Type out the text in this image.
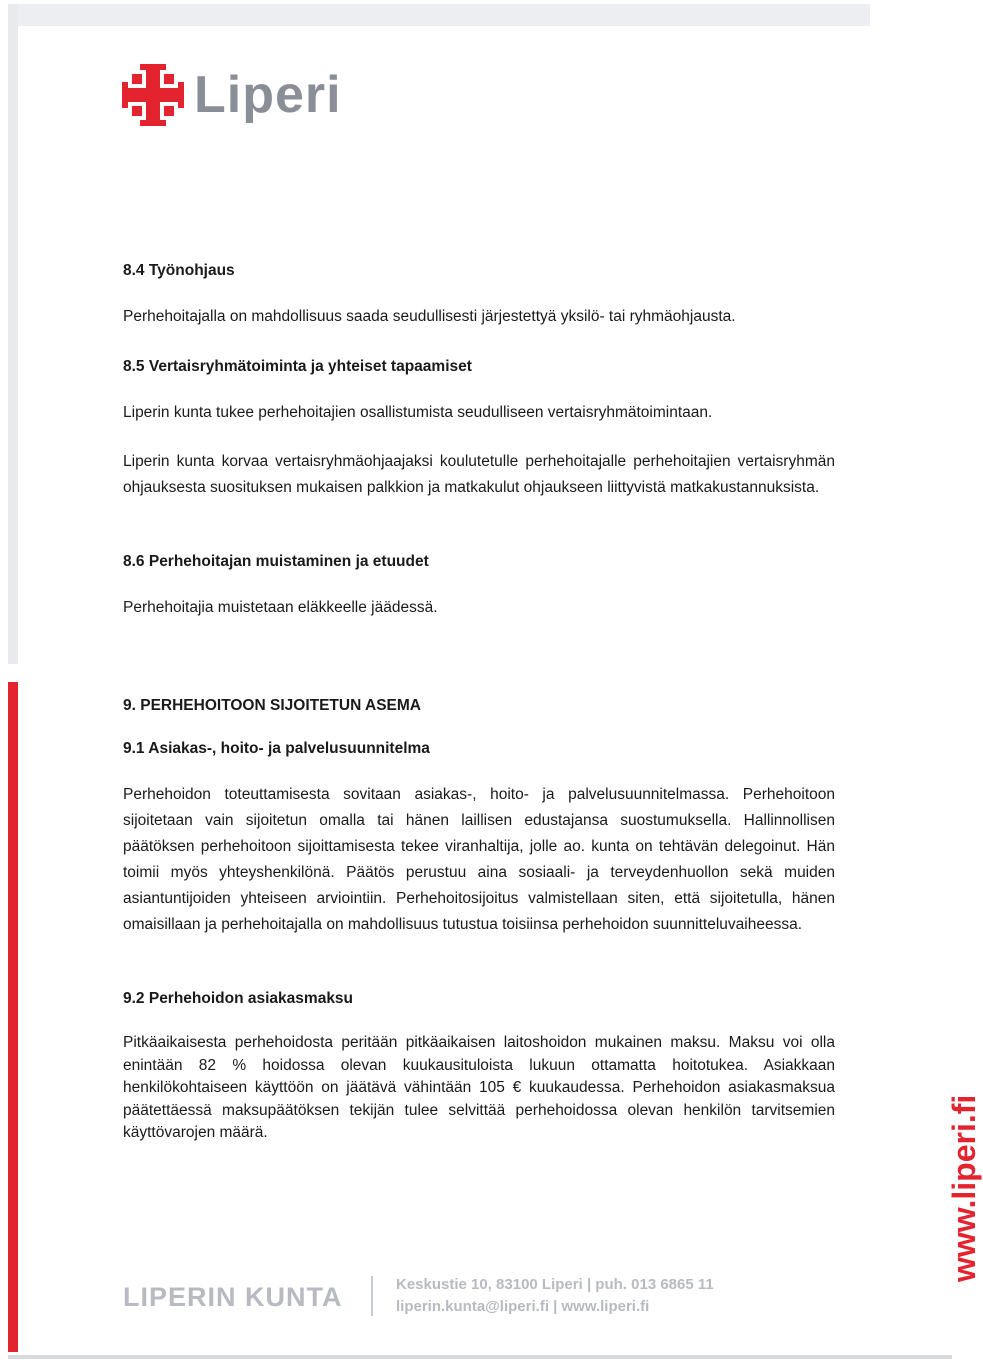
Liperi
8.4 Työnohjaus
Perhehoitajalla on mahdollisuus saada seudullisesti järjestettyä yksilö- tai ryhmäohjausta.
8.5 Vertaisryhmätoiminta ja yhteiset tapaamiset
Liperin kunta tukee perhehoitajien osallistumista seudulliseen vertaisryhmätoimintaan.
Liperin kunta korvaa vertaisryhmäohjaajaksi koulutetulle perhehoitajalle perhehoitajien vertaisryhmän ohjauksesta suosituksen mukaisen palkkion ja matkakulut ohjaukseen liittyvistä matkakustannuksista.
8.6 Perhehoitajan muistaminen ja etuudet
Perhehoitajia muistetaan eläkkeelle jäädessä.
9. PERHEHOITOON SIJOITETUN ASEMA
9.1 Asiakas-, hoito- ja palvelusuunnitelma
Perhehoidon toteuttamisesta sovitaan asiakas-, hoito- ja palvelusuunnitelmassa. Perhehoitoon sijoitetaan vain sijoitetun omalla tai hänen laillisen edustajansa suostumuksella. Hallinnollisen päätöksen perhehoitoon sijoittamisesta tekee viranhaltija, jolle ao. kunta on tehtävän delegoinut. Hän toimii myös yhteyshenkilönä. Päätös perustuu aina sosiaali- ja terveydenhuollon sekä muiden asiantuntijoiden yhteiseen arviointiin. Perhehoitosijoitus valmistellaan siten, että sijoitetulla, hänen omaisillaan ja perhehoitajalla on mahdollisuus tutustua toisiinsa perhehoidon suunnitteluvaiheessa.
9.2 Perhehoidon asiakasmaksu
Pitkäaikaisesta perhehoidosta peritään pitkäaikaisen laitoshoidon mukainen maksu. Maksu voi olla enintään 82 % hoidossa olevan kuukausituloista lukuun ottamatta hoitotukea. Asiakkaan henkilökohtaiseen käyttöön on jäätävä vähintään 105 € kuukaudessa. Perhehoidon asiakasmaksua päätettäessä maksupäätöksen tekijän tulee selvittää perhehoidossa olevan henkilön tarvitsemien käyttövarojen määrä.
LIPERIN KUNTA	Keskustie 10, 83100 Liperi | puh. 013 6865 11
liperin.kunta@liperi.fi | www.liperi.fi
www.liperi.fi
